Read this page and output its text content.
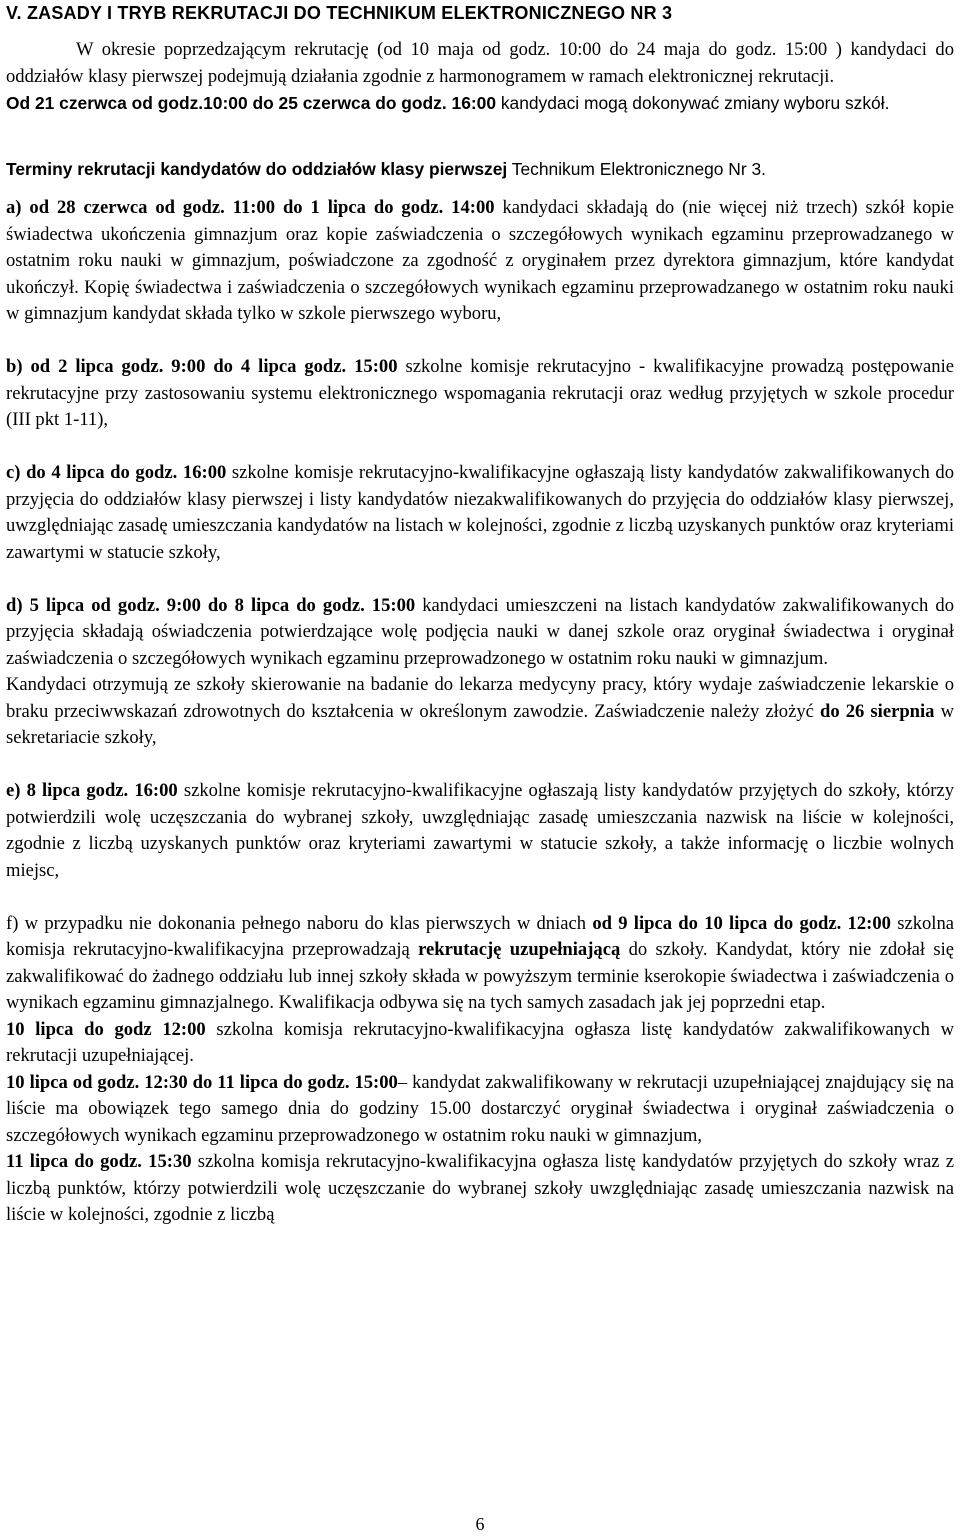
V. ZASADY I TRYB REKRUTACJI DO TECHNIKUM ELEKTRONICZNEGO NR 3

W okresie poprzedzającym rekrutację (od 10 maja od godz. 10:00 do 24 maja do godz. 15:00 ) kandydaci do oddziałów klasy pierwszej podejmują działania zgodnie z harmonogramem w ramach elektronicznej rekrutacji.

Od 21 czerwca od godz.10:00 do 25 czerwca do godz. 16:00 kandydaci mogą dokonywać zmiany wyboru szkół.

Terminy rekrutacji kandydatów do oddziałów klasy pierwszej Technikum Elektronicznego Nr 3.

a) od 28 czerwca od godz. 11:00 do 1 lipca do godz. 14:00 kandydaci składają do (nie więcej niż trzech) szkół kopie świadectwa ukończenia gimnazjum oraz kopie zaświadczenia o szczegółowych wynikach egzaminu przeprowadzanego w ostatnim roku nauki w gimnazjum, poświadczone za zgodność z oryginałem przez dyrektora gimnazjum, które kandydat ukończył. Kopię świadectwa i zaświadczenia o szczegółowych wynikach egzaminu przeprowadzanego w ostatnim roku nauki w gimnazjum kandydat składa tylko w szkole pierwszego wyboru,

b) od 2 lipca godz. 9:00 do 4 lipca godz. 15:00 szkolne komisje rekrutacyjno - kwalifikacyjne prowadzą postępowanie rekrutacyjne przy zastosowaniu systemu elektronicznego wspomagania rekrutacji oraz według przyjętych w szkole procedur (III pkt 1-11),

c) do 4 lipca do godz. 16:00 szkolne komisje rekrutacyjno-kwalifikacyjne ogłaszają listy kandydatów zakwalifikowanych do przyjęcia do oddziałów klasy pierwszej i listy kandydatów niezakwalifikowanych do przyjęcia do oddziałów klasy pierwszej, uwzględniając zasadę umieszczania kandydatów na listach w kolejności, zgodnie z liczbą uzyskanych punktów oraz kryteriami zawartymi w statucie szkoły,

d) 5 lipca od godz. 9:00 do 8 lipca do godz. 15:00 kandydaci umieszczeni na listach kandydatów zakwalifikowanych do przyjęcia składają oświadczenia potwierdzające wolę podjęcia nauki w danej szkole oraz oryginał świadectwa i oryginał zaświadczenia o szczegółowych wynikach egzaminu przeprowadzonego w ostatnim roku nauki w gimnazjum.

Kandydaci otrzymują ze szkoły skierowanie na badanie do lekarza medycyny pracy, który wydaje zaświadczenie lekarskie o braku przeciwwskazań zdrowotnych do kształcenia w określonym zawodzie. Zaświadczenie należy złożyć do 26 sierpnia w sekretariacie szkoły,

e) 8 lipca godz. 16:00 szkolne komisje rekrutacyjno-kwalifikacyjne ogłaszają listy kandydatów przyjętych do szkoły, którzy potwierdzili wolę uczęszczania do wybranej szkoły, uwzględniając zasadę umieszczania nazwisk na liście w kolejności, zgodnie z liczbą uzyskanych punktów oraz kryteriami zawartymi w statucie szkoły, a także informację o liczbie wolnych miejsc,

f) w przypadku nie dokonania pełnego naboru do klas pierwszych w dniach od 9 lipca do 10 lipca do godz. 12:00 szkolna komisja rekrutacyjno-kwalifikacyjna przeprowadzają rekrutację uzupełniającą do szkoły. Kandydat, który nie zdołał się zakwalifikować do żadnego oddziału lub innej szkoły składa w powyższym terminie kserokopie świadectwa i zaświadczenia o wynikach egzaminu gimnazjalnego. Kwalifikacja odbywa się na tych samych zasadach jak jej poprzedni etap.

10 lipca do godz 12:00 szkolna komisja rekrutacyjno-kwalifikacyjna ogłasza listę kandydatów zakwalifikowanych w rekrutacji uzupełniającej.

10 lipca od godz. 12:30 do 11 lipca do godz. 15:00– kandydat zakwalifikowany w rekrutacji uzupełniającej znajdujący się na liście ma obowiązek tego samego dnia do godziny 15.00 dostarczyć oryginał świadectwa i oryginał zaświadczenia o szczegółowych wynikach egzaminu przeprowadzonego w ostatnim roku nauki w gimnazjum,

11 lipca do godz. 15:30 szkolna komisja rekrutacyjno-kwalifikacyjna ogłasza listę kandydatów przyjętych do szkoły wraz z liczbą punktów, którzy potwierdzili wolę uczęszczanie do wybranej szkoły uwzględniając zasadę umieszczania nazwisk na liście w kolejności, zgodnie z liczbą

6
